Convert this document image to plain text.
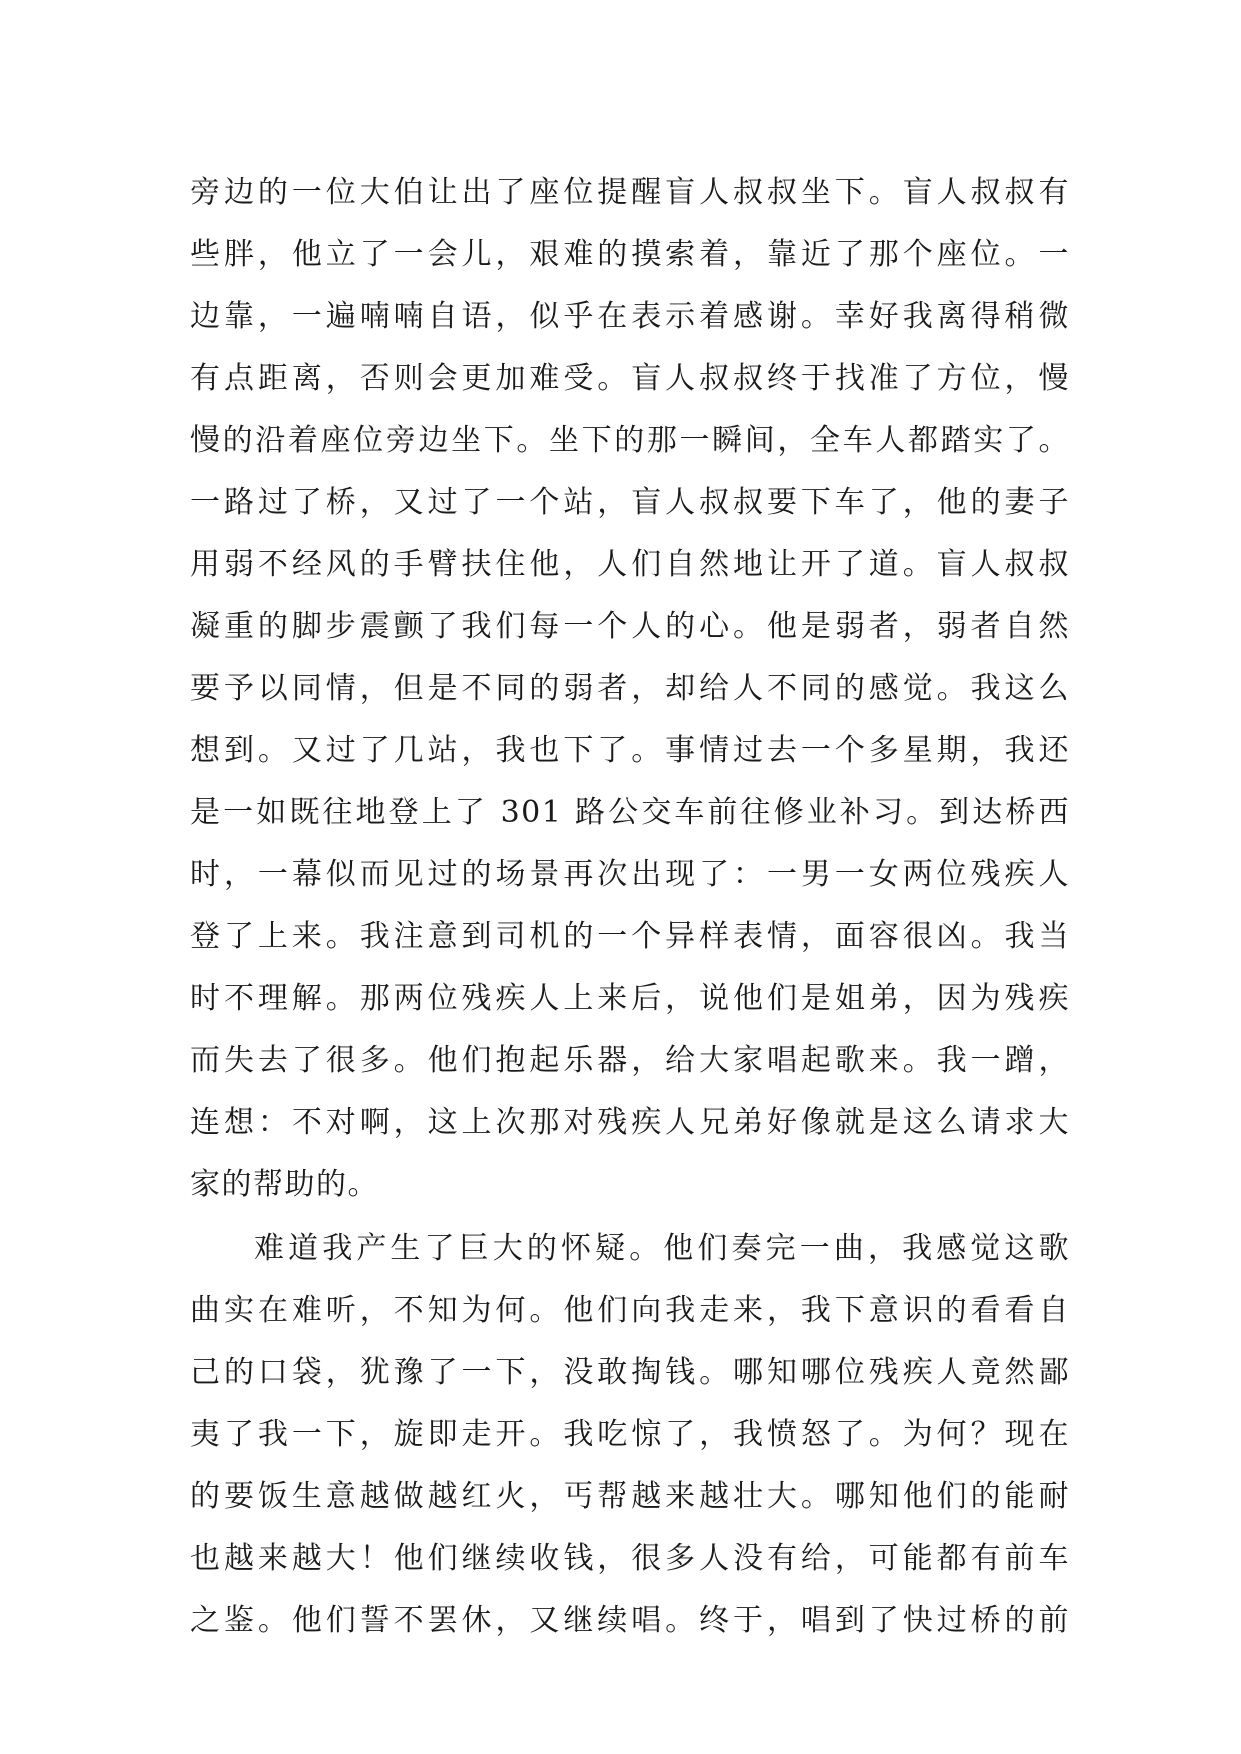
旁边的一位大伯让出了座位提醒盲人叔叔坐下。盲人叔叔有
些胖，他立了一会儿，艰难的摸索着，靠近了那个座位。一
边靠，一遍喃喃自语，似乎在表示着感谢。幸好我离得稍微
有点距离，否则会更加难受。盲人叔叔终于找准了方位，慢
慢的沿着座位旁边坐下。坐下的那一瞬间，全车人都踏实了。
一路过了桥，又过了一个站，盲人叔叔要下车了，他的妻子
用弱不经风的手臂扶住他，人们自然地让开了道。盲人叔叔
凝重的脚步震颤了我们每一个人的心。他是弱者，弱者自然
要予以同情，但是不同的弱者，却给人不同的感觉。我这么
想到。又过了几站，我也下了。事情过去一个多星期，我还
是一如既往地登上了 301 路公交车前往修业补习。到达桥西
时，一幕似而见过的场景再次出现了：一男一女两位残疾人
登了上来。我注意到司机的一个异样表情，面容很凶。我当
时不理解。那两位残疾人上来后，说他们是姐弟，因为残疾
而失去了很多。他们抱起乐器，给大家唱起歌来。我一蹭，
连想：不对啊，这上次那对残疾人兄弟好像就是这么请求大
家的帮助的。
难道我产生了巨大的怀疑。他们奏完一曲，我感觉这歌
曲实在难听，不知为何。他们向我走来，我下意识的看看自
己的口袋，犹豫了一下，没敢掏钱。哪知哪位残疾人竟然鄙
夷了我一下，旋即走开。我吃惊了，我愤怒了。为何？现在
的要饭生意越做越红火，丐帮越来越壮大。哪知他们的能耐
也越来越大！他们继续收钱，很多人没有给，可能都有前车
之鉴。他们誓不罢休，又继续唱。终于，唱到了快过桥的前
